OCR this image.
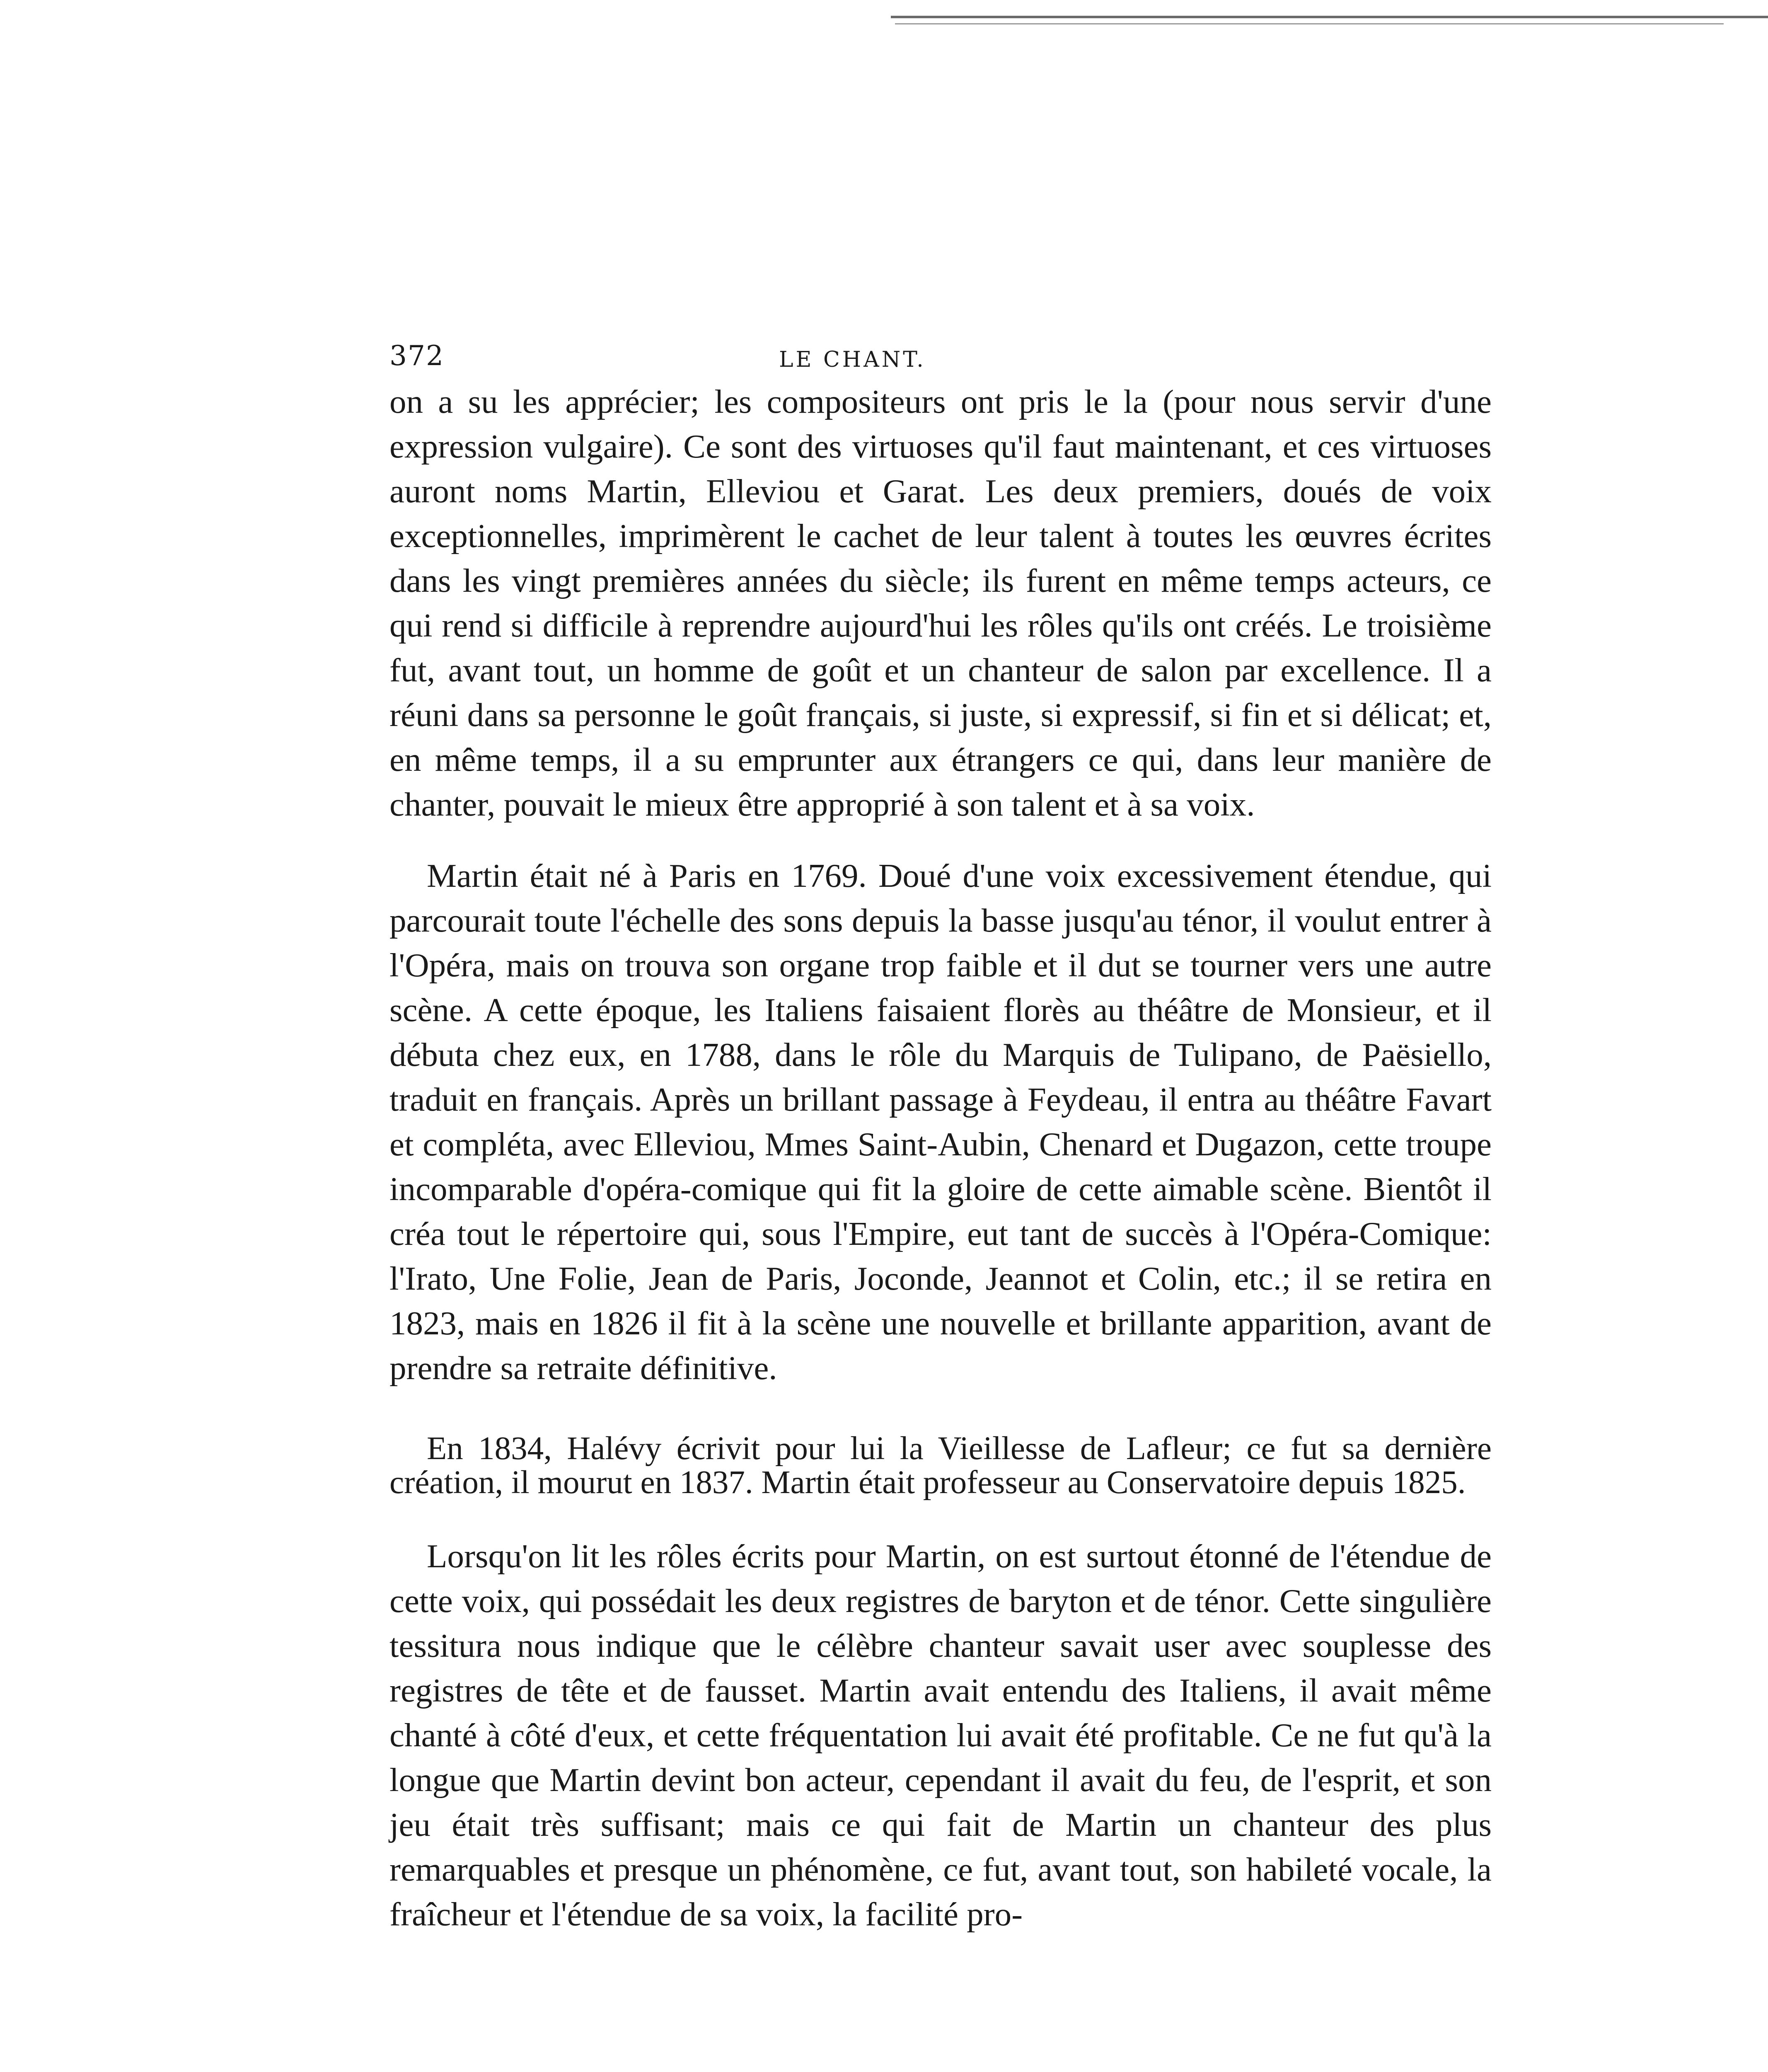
372	LE CHANT.

on a su les apprécier; les compositeurs ont pris le la (pour nous servir d'une expression vulgaire). Ce sont des virtuoses qu'il faut maintenant, et ces virtuoses auront noms Martin, Elleviou et Garat. Les deux premiers, doués de voix exceptionnelles, imprimèrent le cachet de leur talent à toutes les œuvres écrites dans les vingt premières années du siècle; ils furent en même temps acteurs, ce qui rend si difficile à reprendre aujourd'hui les rôles qu'ils ont créés. Le troisième fut, avant tout, un homme de goût et un chanteur de salon par excellence. Il a réuni dans sa personne le goût français, si juste, si expressif, si fin et si délicat; et, en même temps, il a su emprunter aux étrangers ce qui, dans leur manière de chanter, pouvait le mieux être approprié à son talent et à sa voix.

Martin était né à Paris en 1769. Doué d'une voix excessivement étendue, qui parcourait toute l'échelle des sons depuis la basse jusqu'au ténor, il voulut entrer à l'Opéra, mais on trouva son organe trop faible et il dut se tourner vers une autre scène. A cette époque, les Italiens faisaient florès au théâtre de Monsieur, et il débuta chez eux, en 1788, dans le rôle du Marquis de Tulipano, de Paësiello, traduit en français. Après un brillant passage à Feydeau, il entra au théâtre Favart et compléta, avec Elleviou, Mmes Saint-Aubin, Chenard et Dugazon, cette troupe incomparable d'opéra-comique qui fit la gloire de cette aimable scène. Bientôt il créa tout le répertoire qui, sous l'Empire, eut tant de succès à l'Opéra-Comique: l'Irato, Une Folie, Jean de Paris, Joconde, Jeannot et Colin, etc.; il se retira en 1823, mais en 1826 il fit à la scène une nouvelle et brillante apparition, avant de prendre sa retraite définitive.

En 1834, Halévy écrivit pour lui la Vieillesse de Lafleur; ce fut sa dernière création, il mourut en 1837. Martin était professeur au Conservatoire depuis 1825.

Lorsqu'on lit les rôles écrits pour Martin, on est surtout étonné de l'étendue de cette voix, qui possédait les deux registres de baryton et de ténor. Cette singulière tessitura nous indique que le célèbre chanteur savait user avec souplesse des registres de tête et de fausset. Martin avait entendu des Italiens, il avait même chanté à côté d'eux, et cette fréquentation lui avait été profitable. Ce ne fut qu'à la longue que Martin devint bon acteur, cependant il avait du feu, de l'esprit, et son jeu était très suffisant; mais ce qui fait de Martin un chanteur des plus remarquables et presque un phénomène, ce fut, avant tout, son habileté vocale, la fraîcheur et l'étendue de sa voix, la facilité pro-
